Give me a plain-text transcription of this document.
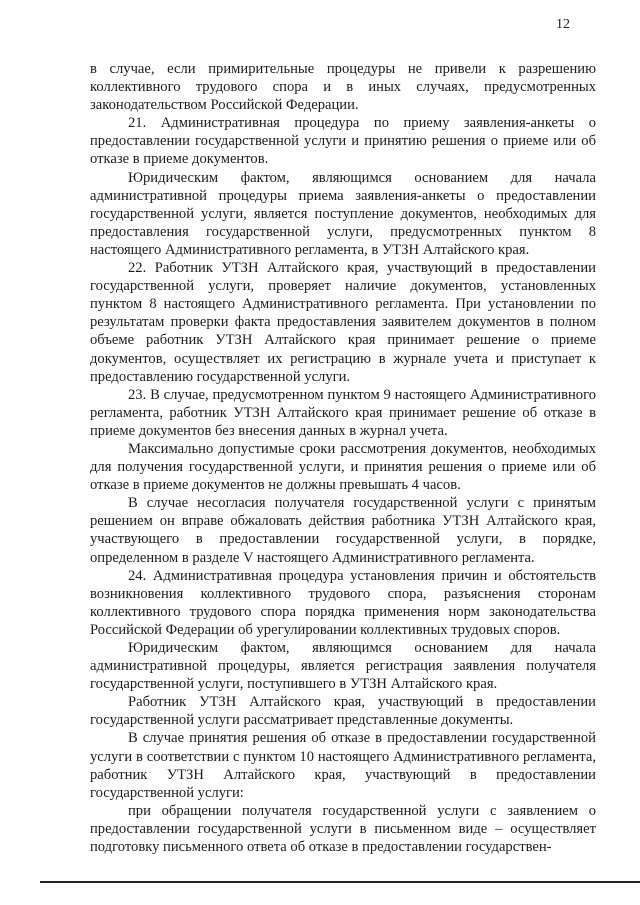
12

в случае, если примирительные процедуры не привели к разрешению коллективного трудового спора и в иных случаях, предусмотренных законодательством Российской Федерации.

21. Административная процедура по приему заявления-анкеты о предоставлении государственной услуги и принятию решения о приеме или об отказе в приеме документов.

Юридическим фактом, являющимся основанием для начала административной процедуры приема заявления-анкеты о предоставлении государственной услуги, является поступление документов, необходимых для предоставления государственной услуги, предусмотренных пунктом 8 настоящего Административного регламента, в УТЗН Алтайского края.

22. Работник УТЗН Алтайского края, участвующий в предоставлении государственной услуги, проверяет наличие документов, установленных пунктом 8 настоящего Административного регламента. При установлении по результатам проверки факта предоставления заявителем документов в полном объеме работник УТЗН Алтайского края принимает решение о приеме документов, осуществляет их регистрацию в журнале учета и приступает к предоставлению государственной услуги.

23. В случае, предусмотренном пунктом 9 настоящего Административного регламента, работник УТЗН Алтайского края принимает решение об отказе в приеме документов без внесения данных в журнал учета.

Максимально допустимые сроки рассмотрения документов, необходимых для получения государственной услуги, и принятия решения о приеме или об отказе в приеме документов не должны превышать 4 часов.

В случае несогласия получателя государственной услуги с принятым решением он вправе обжаловать действия работника УТЗН Алтайского края, участвующего в предоставлении государственной услуги, в порядке, определенном в разделе V настоящего Административного регламента.

24. Административная процедура установления причин и обстоятельств возникновения коллективного трудового спора, разъяснения сторонам коллективного трудового спора порядка применения норм законодательства Российской Федерации об урегулировании коллективных трудовых споров.

Юридическим фактом, являющимся основанием для начала административной процедуры, является регистрация заявления получателя государственной услуги, поступившего в УТЗН Алтайского края.

Работник УТЗН Алтайского края, участвующий в предоставлении государственной услуги рассматривает представленные документы.

В случае принятия решения об отказе в предоставлении государственной услуги в соответствии с пунктом 10 настоящего Административного регламента, работник УТЗН Алтайского края, участвующий в предоставлении государственной услуги:

при обращении получателя государственной услуги с заявлением о предоставлении государственной услуги в письменном виде – осуществляет подготовку письменного ответа об отказе в предоставлении государствен-
